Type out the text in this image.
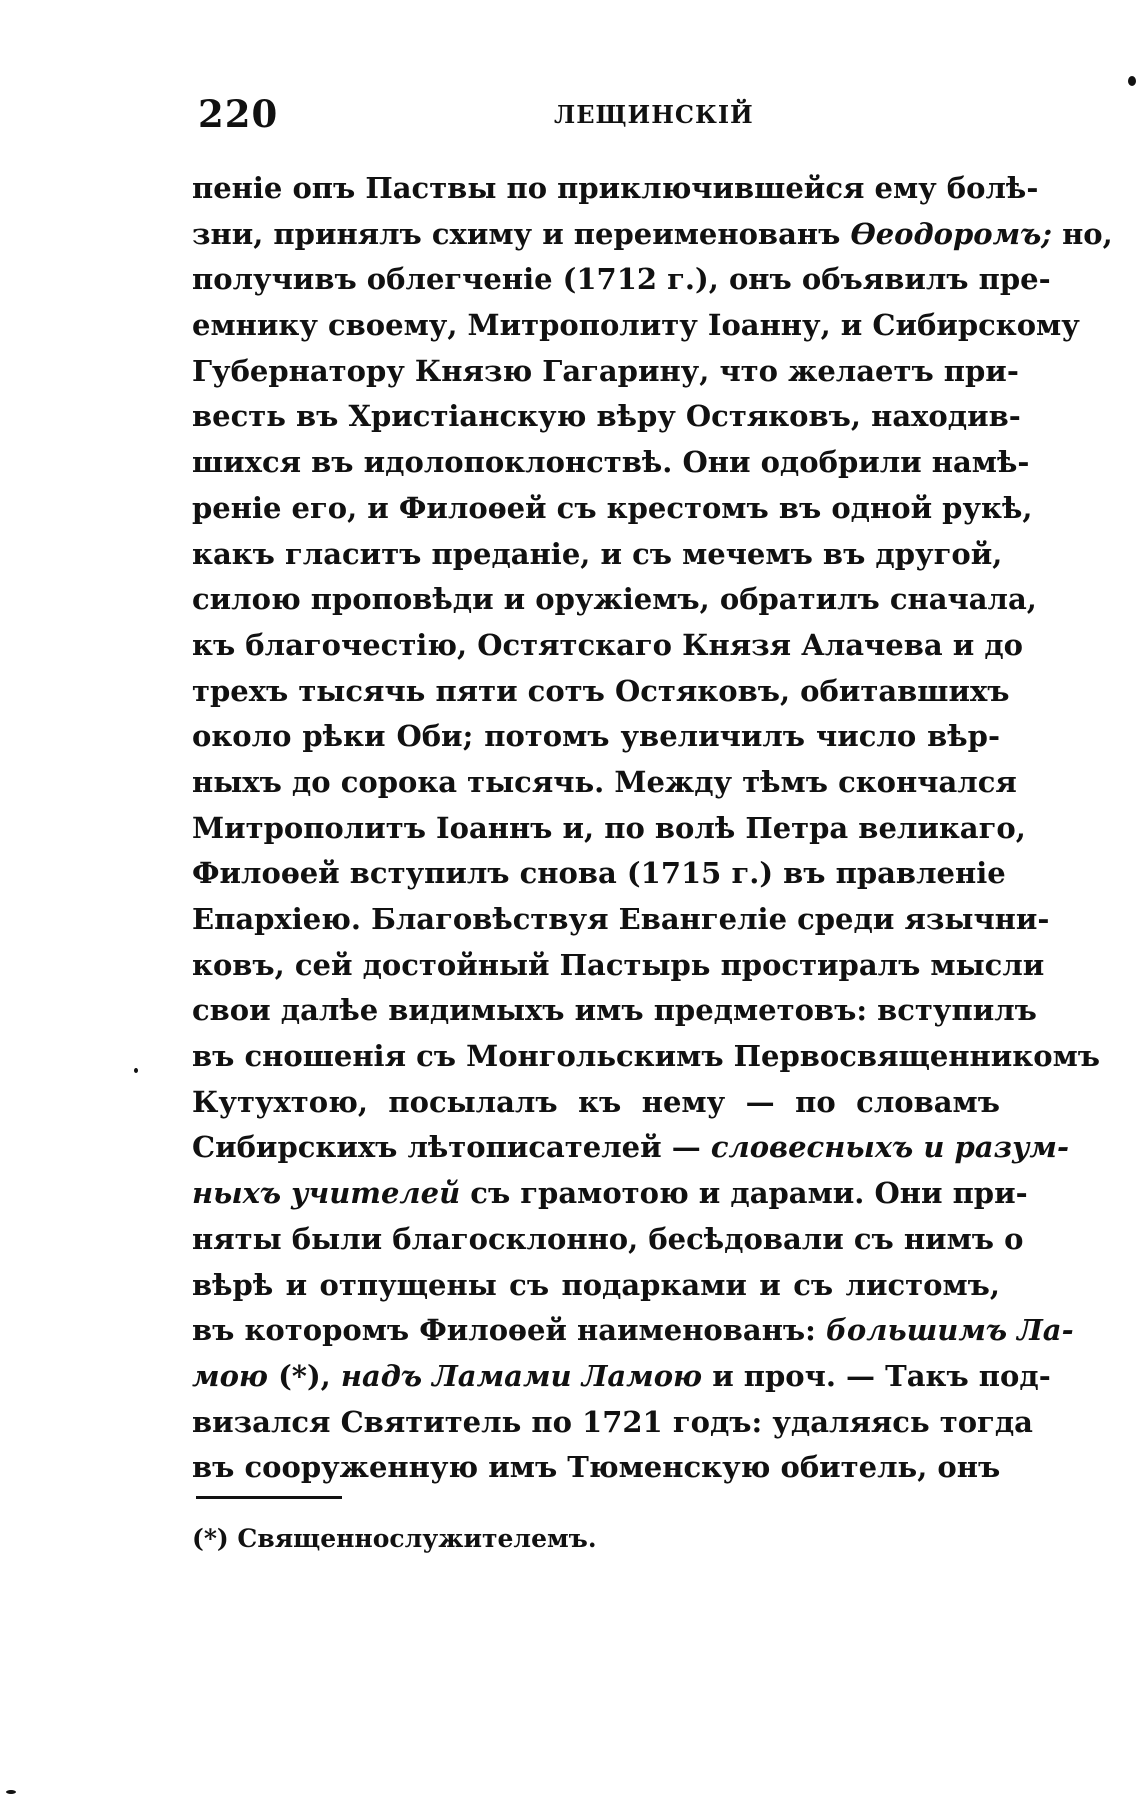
220	ЛЕЩИНСКІЙ
пеніе опъ Паствы по приключившейся ему болѣ-
зни, принялъ схиму и переименованъ Ѳеодоромъ; но,
получивъ облегченіе (1712 г.), онъ объявилъ пре-
емнику своему, Митрополиту Іоанну, и Сибирскому
Губернатору Князю Гагарину, что желаетъ при-
весть въ Христіанскую вѣру Остяковъ, находив-
шихся въ идолопоклонствѣ. Они одобрили намѣ-
реніе его, и Филоѳей съ крестомъ въ одной рукѣ,
какъ гласитъ преданіе, и съ мечемъ въ другой,
силою проповѣди и оружіемъ, обратилъ сначала,
къ благочестію, Остятскаго Князя Алачева и до
трехъ тысячь пяти сотъ Остяковъ, обитавшихъ
около рѣки Оби; потомъ увеличилъ число вѣр-
ныхъ до сорока тысячь. Между тѣмъ скончался
Митрополитъ Іоаннъ и, по волѣ Петра великаго,
Филоѳей вступилъ снова (1715 г.) въ правленіе
Епархіею. Благовѣствуя Евангеліе среди язычни-
ковъ, сей достойный Пастырь простиралъ мысли
свои далѣе видимыхъ имъ предметовъ: вступилъ
въ сношенія съ Монгольскимъ Первосвященникомъ
Кутухтою, посылалъ къ нему — по словамъ
Сибирскихъ лѣтописателей — словесныхъ и разум-
ныхъ учителей съ грамотою и дарами. Они при-
няты были благосклонно, бесѣдовали съ нимъ о
вѣрѣ и отпущены съ подарками и съ листомъ,
въ которомъ Филоѳей наименованъ: большимъ Ла-
мою (*), надъ Ламами Ламою и проч. — Такъ под-
визался Святитель по 1721 годъ: удаляясь тогда
въ сооруженную имъ Тюменскую обитель, онъ
(*) Священнослужителемъ.
